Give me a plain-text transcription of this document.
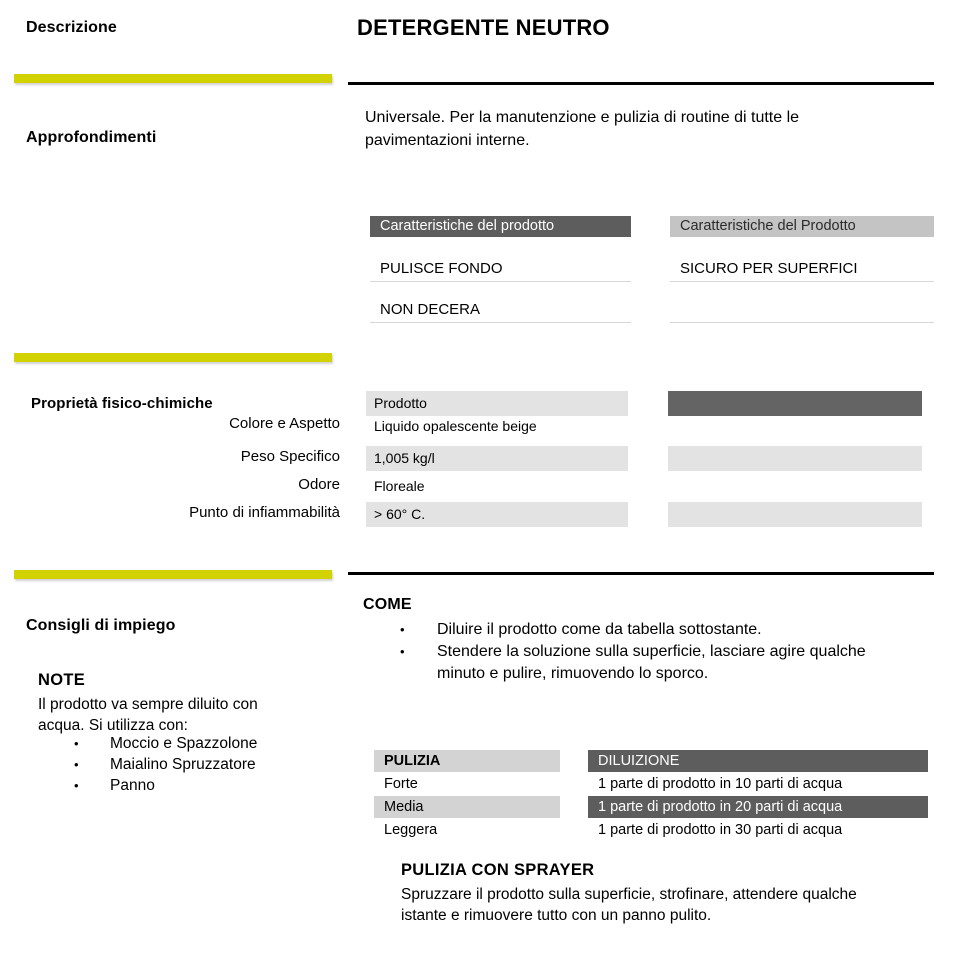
DETERGENTE NEUTRO
Descrizione
Approfondimenti
Proprietà fisico-chimiche
Consigli di impiego
Universale. Per la manutenzione e pulizia di routine di tutte le pavimentazioni interne.
Caratteristiche del prodotto	Caratteristiche del Prodotto
PULISCE FONDO	SICURO PER SUPERFICI
NON DECERA
Prodotto
Colore e Aspetto	Liquido opalescente beige
Peso Specifico	1,005 kg/l
Odore	Floreale
Punto di infiammabilità	> 60° C.
COME
• Diluire il prodotto come da tabella sottostante.
• Stendere la soluzione sulla superficie, lasciare agire qualche minuto e pulire, rimuovendo lo sporco.
NOTE
Il prodotto va sempre diluito con acqua. Si utilizza con:
• Moccio e Spazzolone
• Maialino Spruzzatore
• Panno
PULIZIA	DILUIZIONE
Forte	1 parte di prodotto in 10 parti di acqua
Media	1 parte di prodotto in 20 parti di acqua
Leggera	1 parte di prodotto in 30 parti di acqua
PULIZIA CON SPRAYER
Spruzzare il prodotto sulla superficie, strofinare, attendere qualche istante e rimuovere tutto con un panno pulito.
